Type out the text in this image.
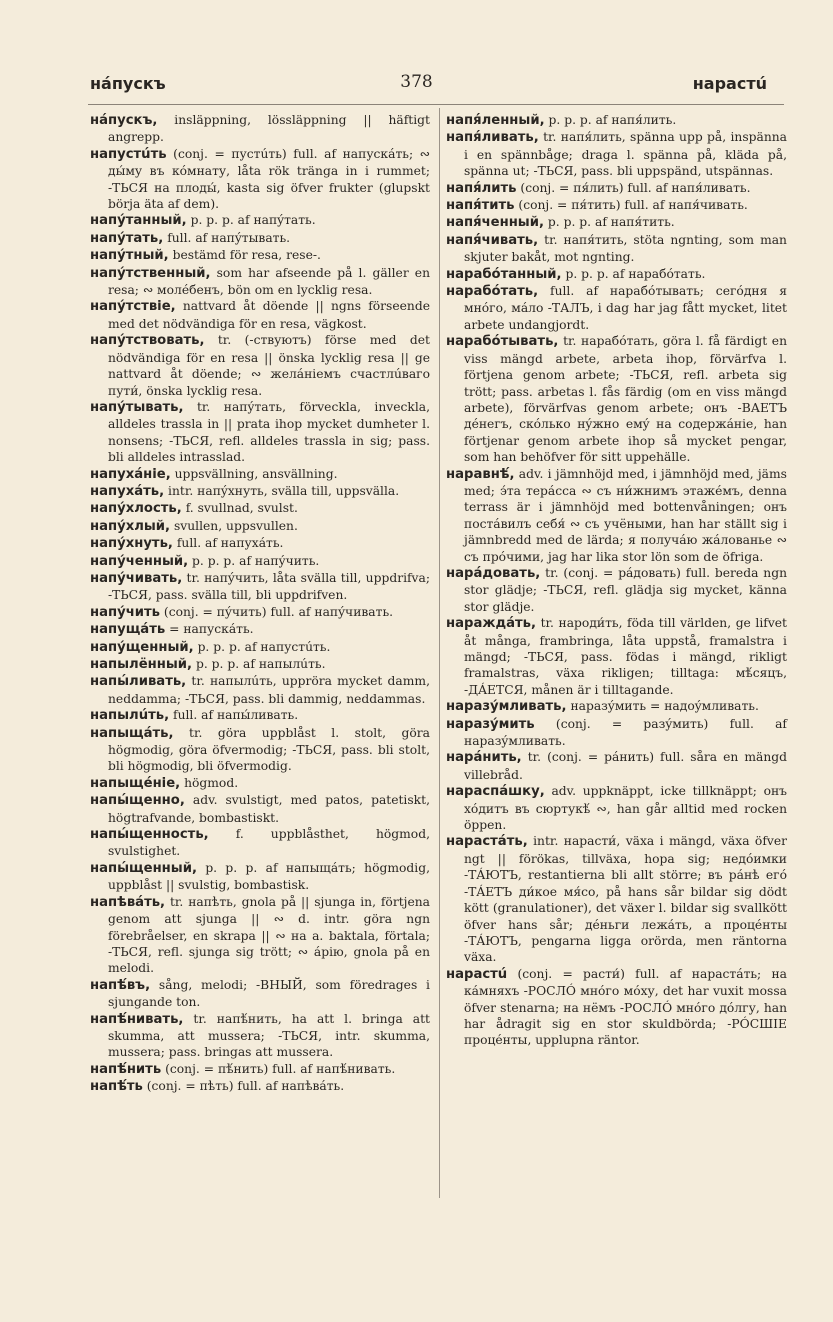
нáпускъ	378	нарастú

нáпускъ, insläppning, lössläppning || häftigt angrepp.

напустúть (conj. = пустúть) full. af напускáть; ∾ ды́му въ кóмнату, låta rök tränga in i rummet; -ТЬСЯ на плоды́, kasta sig öfver frukter (glupskt börja äta af dem).

напýтанный, p. p. p. af напýтать.

напýтать, full. af напýтывать.

напýтный, bestämd för resa, rese-.

напýтственный, som har afseende på l. gäller en resa; ∾ молéбенъ, bön om en lycklig resa.

напýтствіе, nattvard åt döende || ngns förseende med det nödvändiga för en resa, vägkost.

напýтствовать, tr. (-ствуютъ) förse med det nödvändiga för en resa || önska lycklig resa || ge nattvard åt döende; ∾ желáніемъ счастлúваго пути́, önska lycklig resa.

напýтывать, tr. напýтать, förveckla, inveckla, alldeles trassla in || prata ihop mycket dumheter l. nonsens; -ТЬСЯ, refl. alldeles trassla in sig; pass. bli alldeles intrasslad.

напухáніе, uppsvällning, ansvällning.

напухáть, intr. напýхнуть, svälla till, uppsvälla.

напýхлость, f. svullnad, svulst.

напýхлый, svullen, uppsvullen.

напýхнуть, full. af напухáть.

напýченный, p. p. p. af напýчить.

напýчивать, tr. напýчить, låta svälla till, uppdrifva; -ТЬСЯ, pass. svälla till, bli uppdrifven.

напýчить (conj. = пýчить) full. af напýчивать.

напущáть = напускáть.

напýщенный, p. p. p. af напустúть.

напылённый, p. p. p. af напылúть.

напы́ливать, tr. напылúть, uppröra mycket damm, neddamma; -ТЬСЯ, pass. bli dammig, neddammas.

напылúть, full. af напы́ливать.

напыщáть, tr. göra uppblåst l. stolt, göra högmodig, göra öfvermodig; -ТЬСЯ, pass. bli stolt, bli högmodig, bli öfvermodig.

напыщéніе, högmod.

напы́щенно, adv. svulstigt, med patos, patetiskt, högtrafvande, bombastiskt.

напы́щенность, f. uppblåsthet, högmod, svulstighet.

напы́щенный, p. p. p. af напыщáть; högmodig, uppblåst || svulstig, bombastisk.

напѣвáть, tr. напѣть, gnola på || sjunga in, förtjena genom att sjunga || ∾ d. intr. göra ngn förebråelser, en skrapa || ∾ на a. baktala, förtala; -ТЬСЯ, refl. sjunga sig trött; ∾ áрію, gnola på en melodi.

напѣ́въ, sång, melodi; -ВНЫЙ, som föredrages i sjungande ton.

напѣ́нивать, tr. напѣ́нить, ha att l. bringa att skumma, att mussera; -ТЬСЯ, intr. skumma, mussera; pass. bringas att mussera.

напѣ́нить (conj. = пѣ́нить) full. af напѣ́нивать.

напѣ́ть (conj. = пѣть) full. af напѣвáть.

напя́ленный, p. p. p. af напя́лить.

напя́ливать, tr. напя́лить, spänna upp på, inspänna i en spännbåge; draga l. spänna på, kläda på, spänna ut; -ТЬСЯ, pass. bli uppspänd, utspännas.

напя́лить (conj. = пя́лить) full. af напя́ливать.

напя́тить (conj. = пя́тить) full. af напя́чивать.

напя́ченный, p. p. p. af напя́тить.

напя́чивать, tr. напя́тить, stöta ngnting, som man skjuter bakåt, mot ngnting.

нарабóтанный, p. p. p. af нарабóтать.

нарабóтать, full. af нарабóтывать; сегóдня я мнóго, мáло -ТАЛЪ, i dag har jag fått mycket, litet arbete undangjordt.

нарабóтывать, tr. нарабóтать, göra l. få färdigt en viss mängd arbete, arbeta ihop, förvärfva l. förtjena genom arbete; -ТЬСЯ, refl. arbeta sig trött; pass. arbetas l. fås färdig (om en viss mängd arbete), förvärfvas genom arbete; онъ -ВАЕТЪ дéнегъ, скóлько нýжно емý на содержáніе, han förtjenar genom arbete ihop så mycket pengar, som han behöfver för sitt uppehälle.

наравнѣ́, adv. i jämnhöjd med, i jämnhöjd med, jäms med; э́та терáсса ∾ съ ни́жнимъ этажéмъ, denna terrass är i jämnhöjd med bottenvåningen; онъ постáвилъ себя́ ∾ съ учёными, han har ställt sig i jämnbredd med de lärda; я получáю жáлованье ∾ съ прóчими, jag har lika stor lön som de öfriga.

нарáдовать, tr. (conj. = рáдовать) full. bereda ngn stor glädje; -ТЬСЯ, refl. glädja sig mycket, känna stor glädje.

нараждáть, tr. народи́ть, föda till världen, ge lifvet åt många, frambringa, låta uppstå, framalstra i mängd; -ТЬСЯ, pass. födas i mängd, rikligt framalstras, växa rikligen; tilltaga: мѣ́сяцъ, -ДÁЕТСЯ, månen är i tilltagande.

наразýмливать, наразýмить = надоýмливать.

наразýмить (conj. = разýмить) full. af наразýмливать.

нарáнить, tr. (conj. = рáнить) full. såra en mängd villebråd.

нараспáшку, adv. uppknäppt, icke tillknäppt; онъ хóдитъ въ сюртукѣ́ ∾, han går alltid med rocken öppen.

нарастáть, intr. нарасти́, växa i mängd, växa öfver ngt || förökas, tillväxa, hopa sig; недóимки -ТÁЮТЪ, restantierna bli allt större; въ рáнѣ егó -ТÁЕТЪ ди́кое мя́со, på hans sår bildar sig dödt kött (granulationer), det växer l. bildar sig svallkött öfver hans sår; дéньги лежáть, а процéнты -ТÁЮТЪ, pengarna ligga orörda, men räntorna växa.

нарастú (conj. = расти́) full. af нарастáть; на кáмняхъ -РОСЛÓ мнóго мóху, det har vuxit mossa öfver stenarna; на нёмъ -РОСЛÓ мнóго дóлгу, han har ådragit sig en stor skuldbörda; -РÓСШІЕ процéнты, upplupna räntor.
